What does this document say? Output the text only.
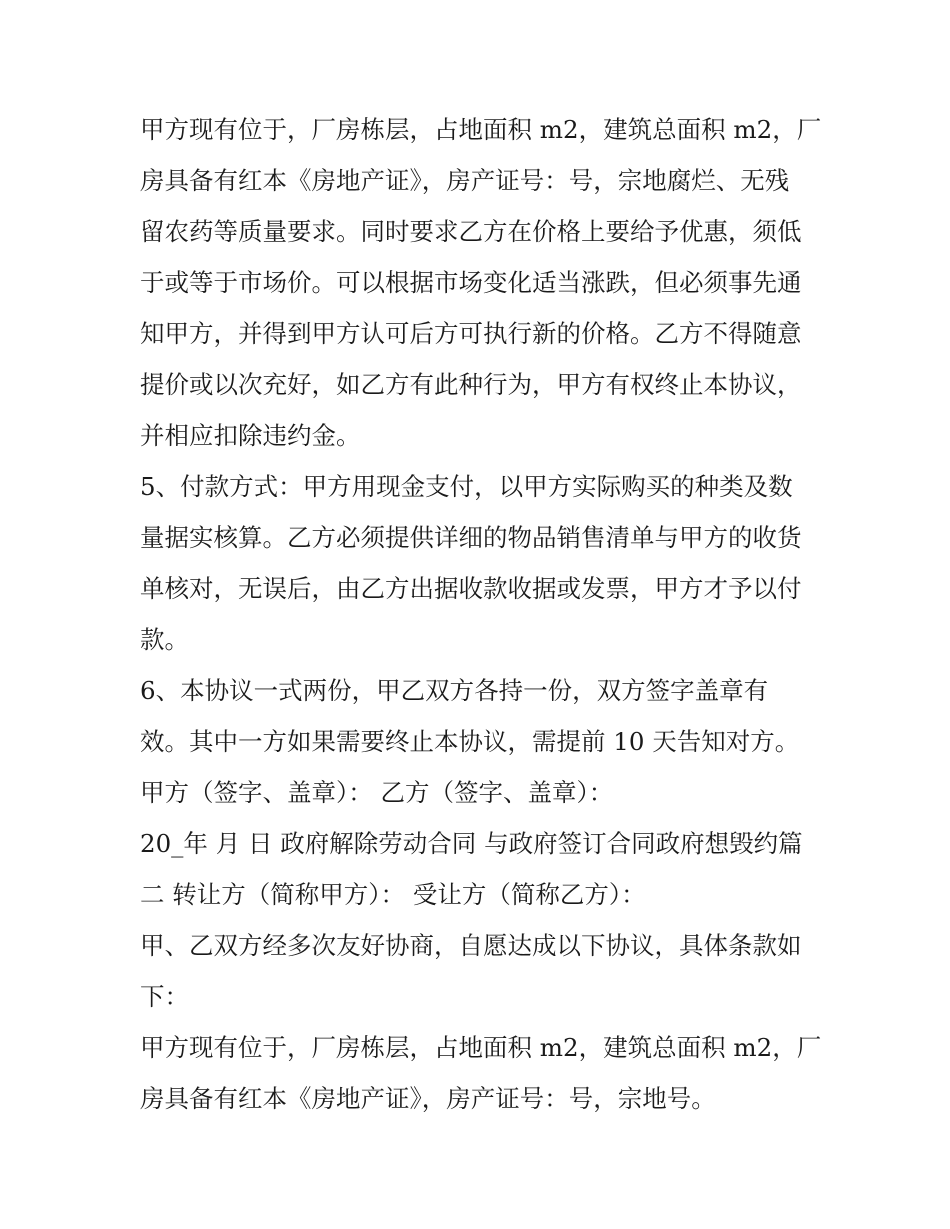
甲方现有位于，厂房栋层，占地面积 m2，建筑总面积 m2，厂
房具备有红本《房地产证》，房产证号：号，宗地腐烂、无残
留农药等质量要求。同时要求乙方在价格上要给予优惠，须低
于或等于市场价。可以根据市场变化适当涨跌，但必须事先通
知甲方，并得到甲方认可后方可执行新的价格。乙方不得随意
提价或以次充好，如乙方有此种行为，甲方有权终止本协议，
并相应扣除违约金。
5、付款方式：甲方用现金支付，以甲方实际购买的种类及数
量据实核算。乙方必须提供详细的物品销售清单与甲方的收货
单核对，无误后，由乙方出据收款收据或发票，甲方才予以付
款。
6、本协议一式两份，甲乙双方各持一份，双方签字盖章有
效。其中一方如果需要终止本协议，需提前 10 天告知对方。
甲方（签字、盖章）： 乙方（签字、盖章）：
20_年 月 日 政府解除劳动合同 与政府签订合同政府想毁约篇
二 转让方（简称甲方）： 受让方（简称乙方）：
甲、乙双方经多次友好协商，自愿达成以下协议，具体条款如
下：
甲方现有位于，厂房栋层，占地面积 m2，建筑总面积 m2，厂
房具备有红本《房地产证》，房产证号：号，宗地号。
